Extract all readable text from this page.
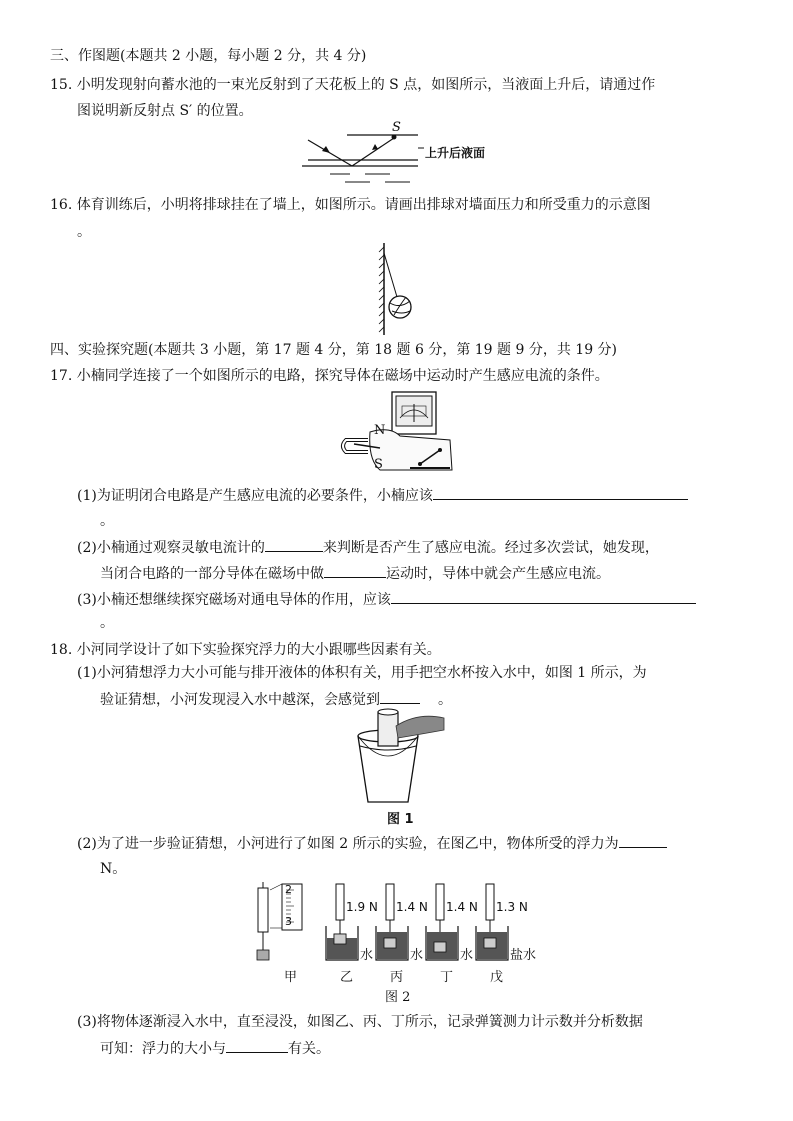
三、作图题(本题共 2 小题，每小题 2 分，共 4 分)
15. 小明发现射向蓄水池的一束光反射到了天花板上的 S 点，如图所示，当液面上升后，请通过作
图说明新反射点 S′ 的位置。
S
上升后液面
16. 体育训练后，小明将排球挂在了墙上，如图所示。请画出排球对墙面压力和所受重力的示意图
。
四、实验探究题(本题共 3 小题，第 17 题 4 分，第 18 题 6 分，第 19 题 9 分，共 19 分)
17. 小楠同学连接了一个如图所示的电路，探究导体在磁场中运动时产生感应电流的条件。
N
S
(1)为证明闭合电路是产生感应电流的必要条件，小楠应该
。
(2)小楠通过观察灵敏电流计的	来判断是否产生了感应电流。经过多次尝试，她发现，
当闭合电路的一部分导体在磁场中做	运动时，导体中就会产生感应电流。
(3)小楠还想继续探究磁场对通电导体的作用，应该
。
18. 小河同学设计了如下实验探究浮力的大小跟哪些因素有关。
(1)小河猜想浮力大小可能与排开液体的体积有关，用手把空水杯按入水中，如图 1 所示，为
验证猜想，小河发现浸入水中越深，会感觉到	。
图 1
(2)为了进一步验证猜想，小河进行了如图 2 所示的实验，在图乙中，物体所受的浮力为
N。
2
3
1.9 N 1.4 N 1.4 N 1.3 N
水	水	水	盐水
甲	乙	丙	丁	戊
图 2
(3)将物体逐渐浸入水中，直至浸没，如图乙、丙、丁所示，记录弹簧测力计示数并分析数据
可知：浮力的大小与	有关。
